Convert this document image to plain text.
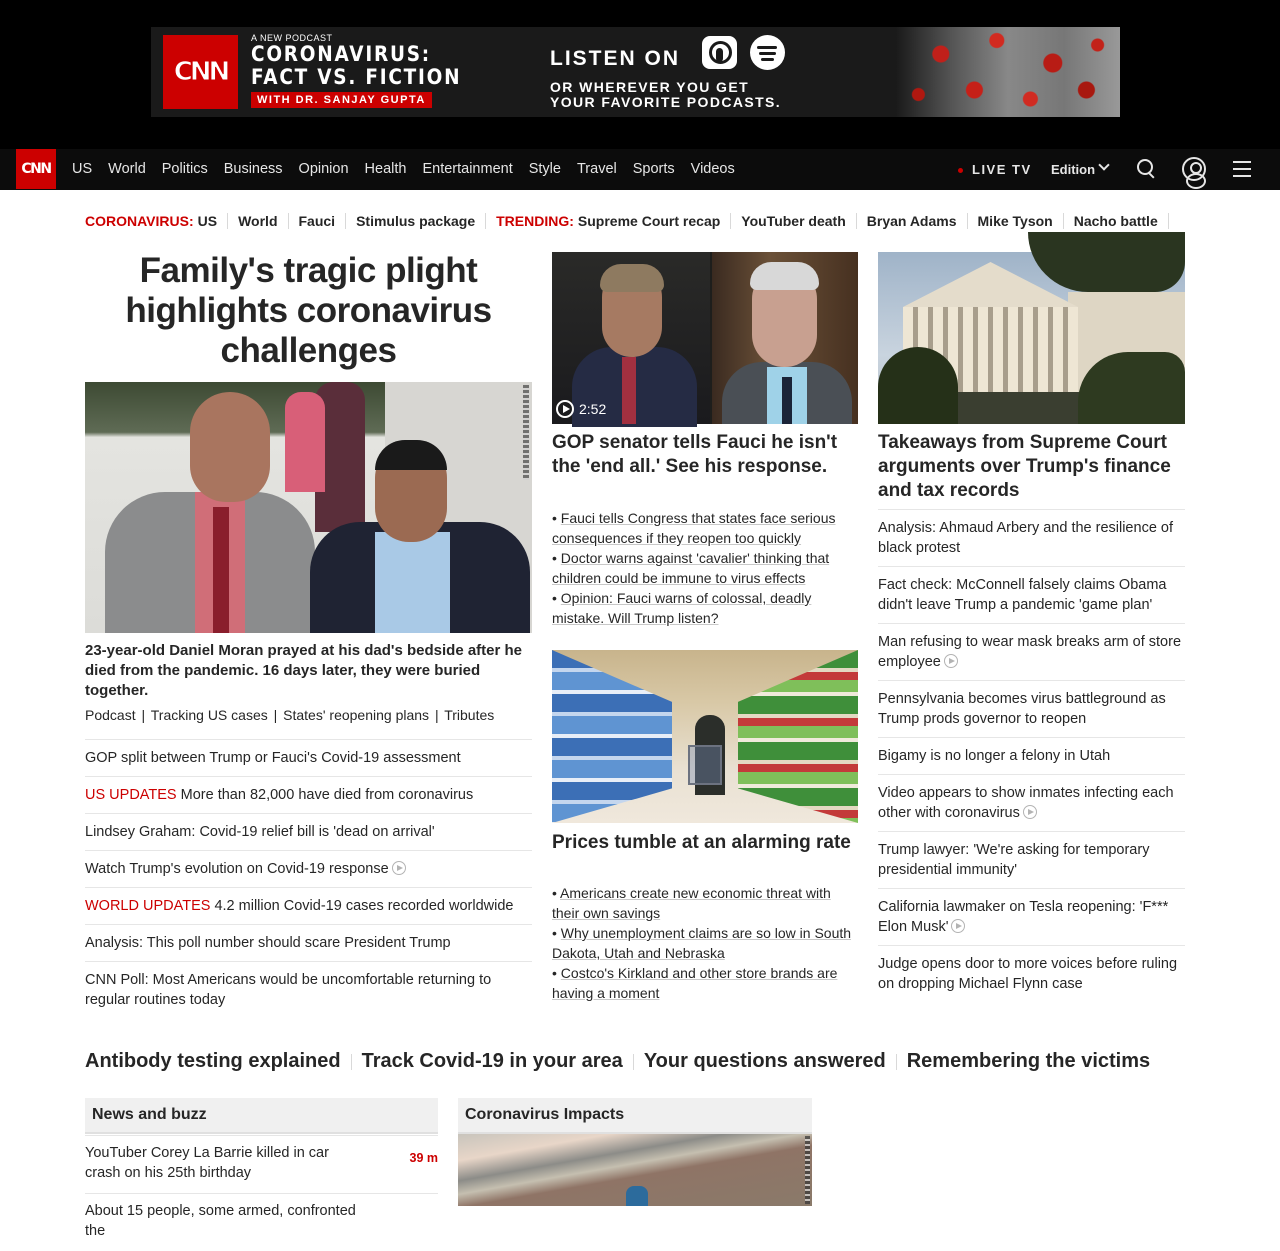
CNN
A NEW PODCAST
CORONAVIRUS:
FACT VS. FICTION
WITH DR. SANJAY GUPTA
LISTEN ON
OR WHEREVER YOU GET
YOUR FAVORITE PODCASTS.
CNN	US	World	Politics	Business	Opinion	Health	Entertainment	Style	Travel	Sports	Videos	LIVE TV Edition
CORONAVIRUS: US	World	Fauci	Stimulus package	TRENDING: Supreme Court recap	YouTuber death	Bryan Adams	Mike Tyson	Nacho battle
Family's tragic plight highlights coronavirus challenges
23-year-old Daniel Moran prayed at his dad's bedside after he died from the pandemic. 16 days later, they were buried together.
Podcast | Tracking US cases | States' reopening plans | Tributes
GOP split between Trump or Fauci's Covid-19 assessment
US UPDATES More than 82,000 have died from coronavirus
Lindsey Graham: Covid-19 relief bill is 'dead on arrival'
Watch Trump's evolution on Covid-19 response
WORLD UPDATES 4.2 million Covid-19 cases recorded worldwide
Analysis: This poll number should scare President Trump
CNN Poll: Most Americans would be uncomfortable returning to regular routines today
2:52
GOP senator tells Fauci he isn't the 'end all.' See his response.
• Fauci tells Congress that states face serious consequences if they reopen too quickly
• Doctor warns against 'cavalier' thinking that children could be immune to virus effects
• Opinion: Fauci warns of colossal, deadly mistake. Will Trump listen?
Prices tumble at an alarming rate
• Americans create new economic threat with their own savings
• Why unemployment claims are so low in South Dakota, Utah and Nebraska
• Costco's Kirkland and other store brands are having a moment
Takeaways from Supreme Court arguments over Trump's finance and tax records
Analysis: Ahmaud Arbery and the resilience of black protest
Fact check: McConnell falsely claims Obama didn't leave Trump a pandemic 'game plan'
Man refusing to wear mask breaks arm of store employee
Pennsylvania becomes virus battleground as Trump prods governor to reopen
Bigamy is no longer a felony in Utah
Video appears to show inmates infecting each other with coronavirus
Trump lawyer: 'We're asking for temporary presidential immunity'
California lawmaker on Tesla reopening: 'F*** Elon Musk'
Judge opens door to more voices before ruling on dropping Michael Flynn case
Antibody testing explained Track Covid-19 in your area Your questions answered Remembering the victims
News and buzz
YouTuber Corey La Barrie killed in car crash on his 25th birthday
39 m
About 15 people, some armed, confronted the
Coronavirus Impacts
